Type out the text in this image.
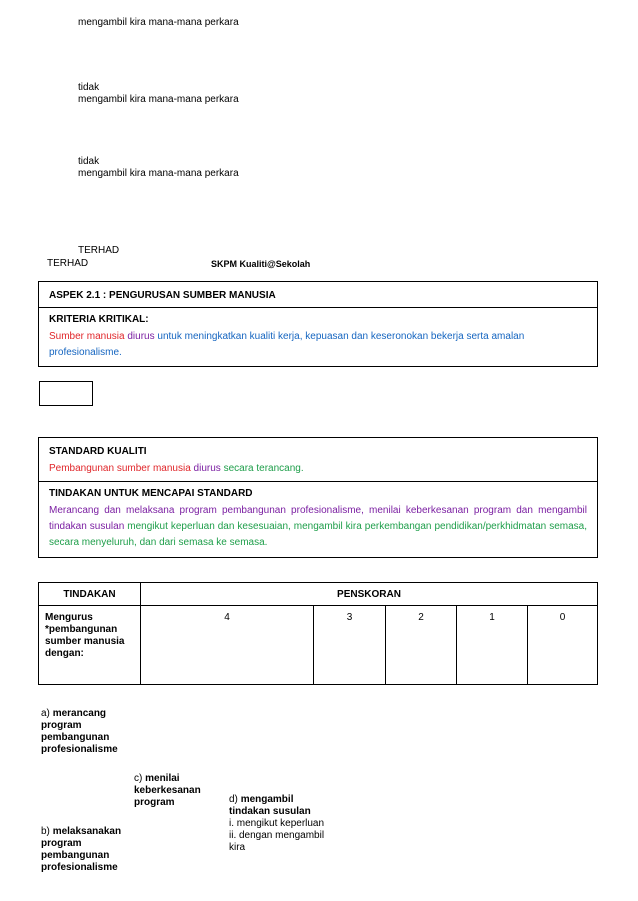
mengambil kira mana-mana perkara
tidak
mengambil kira mana-mana perkara
tidak
mengambil kira mana-mana perkara
TERHAD
TERHAD	SKPM Kualiti@Sekolah
ASPEK 2.1 : PENGURUSAN SUMBER MANUSIA
KRITERIA KRITIKAL:
Sumber manusia diurus untuk meningkatkan kualiti kerja, kepuasan dan keseronokan bekerja serta amalan profesionalisme.
STANDARD KUALITI
Pembangunan sumber manusia diurus secara terancang.
TINDAKAN UNTUK MENCAPAI STANDARD
Merancang dan melaksana program pembangunan profesionalisme, menilai keberkesanan program dan mengambil tindakan susulan mengikut keperluan dan kesesuaian, mengambil kira perkembangan pendidikan/perkhidmatan semasa, secara menyeluruh, dan dari semasa ke semasa.
TINDAKAN	PENSKORAN				
Mengurus *pembangunan sumber manusia dengan:	4	3	2	1	0
a) merancang program pembangunan profesionalisme
b) melaksanakan program pembangunan profesionalisme
c) menilai keberkesanan program	d) mengambil tindakan susulan
i. mengikut keperluan
ii. dengan mengambil kira
